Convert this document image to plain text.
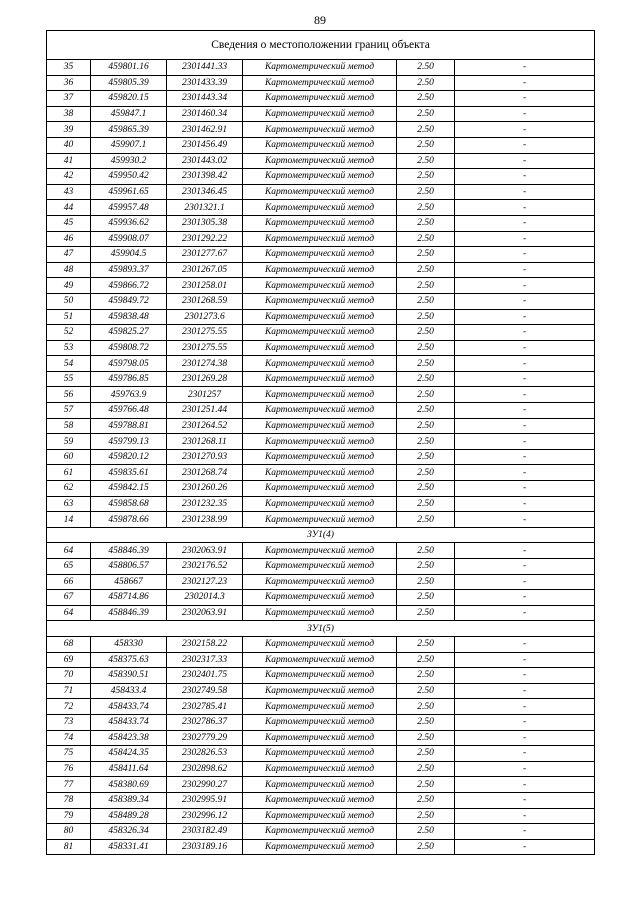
89
Сведения о местоположении границ объекта					
35	459801.16	2301441.33	Картометрический метод	2.50	-
36	459805.39	2301433.39	Картометрический метод	2.50	-
37	459820.15	2301443.34	Картометрический метод	2.50	-
38	459847.1	2301460.34	Картометрический метод	2.50	-
39	459865.39	2301462.91	Картометрический метод	2.50	-
40	459907.1	2301456.49	Картометрический метод	2.50	-
41	459930.2	2301443.02	Картометрический метод	2.50	-
42	459950.42	2301398.42	Картометрический метод	2.50	-
43	459961.65	2301346.45	Картометрический метод	2.50	-
44	459957.48	2301321.1	Картометрический метод	2.50	-
45	459936.62	2301305.38	Картометрический метод	2.50	-
46	459908.07	2301292.22	Картометрический метод	2.50	-
47	459904.5	2301277.67	Картометрический метод	2.50	-
48	459893.37	2301267.05	Картометрический метод	2.50	-
49	459866.72	2301258.01	Картометрический метод	2.50	-
50	459849.72	2301268.59	Картометрический метод	2.50	-
51	459838.48	2301273.6	Картометрический метод	2.50	-
52	459825.27	2301275.55	Картометрический метод	2.50	-
53	459808.72	2301275.55	Картометрический метод	2.50	-
54	459798.05	2301274.38	Картометрический метод	2.50	-
55	459786.85	2301269.28	Картометрический метод	2.50	-
56	459763.9	2301257	Картометрический метод	2.50	-
57	459766.48	2301251.44	Картометрический метод	2.50	-
58	459788.81	2301264.52	Картометрический метод	2.50	-
59	459799.13	2301268.11	Картометрический метод	2.50	-
60	459820.12	2301270.93	Картометрический метод	2.50	-
61	459835.61	2301268.74	Картометрический метод	2.50	-
62	459842.15	2301260.26	Картометрический метод	2.50	-
63	459858.68	2301232.35	Картометрический метод	2.50	-
14	459878.66	2301238.99	Картометрический метод	2.50	-
ЗУ1(4)					
64	458846.39	2302063.91	Картометрический метод	2.50	-
65	458806.57	2302176.52	Картометрический метод	2.50	-
66	458667	2302127.23	Картометрический метод	2.50	-
67	458714.86	2302014.3	Картометрический метод	2.50	-
64	458846.39	2302063.91	Картометрический метод	2.50	-
ЗУ1(5)					
68	458330	2302158.22	Картометрический метод	2.50	-
69	458375.63	2302317.33	Картометрический метод	2.50	-
70	458390.51	2302401.75	Картометрический метод	2.50	-
71	458433.4	2302749.58	Картометрический метод	2.50	-
72	458433.74	2302785.41	Картометрический метод	2.50	-
73	458433.74	2302786.37	Картометрический метод	2.50	-
74	458423.38	2302779.29	Картометрический метод	2.50	-
75	458424.35	2302826.53	Картометрический метод	2.50	-
76	458411.64	2302898.62	Картометрический метод	2.50	-
77	458380.69	2302990.27	Картометрический метод	2.50	-
78	458389.34	2302995.91	Картометрический метод	2.50	-
79	458489.28	2302996.12	Картометрический метод	2.50	-
80	458326.34	2303182.49	Картометрический метод	2.50	-
81	458331.41	2303189.16	Картометрический метод	2.50	-
